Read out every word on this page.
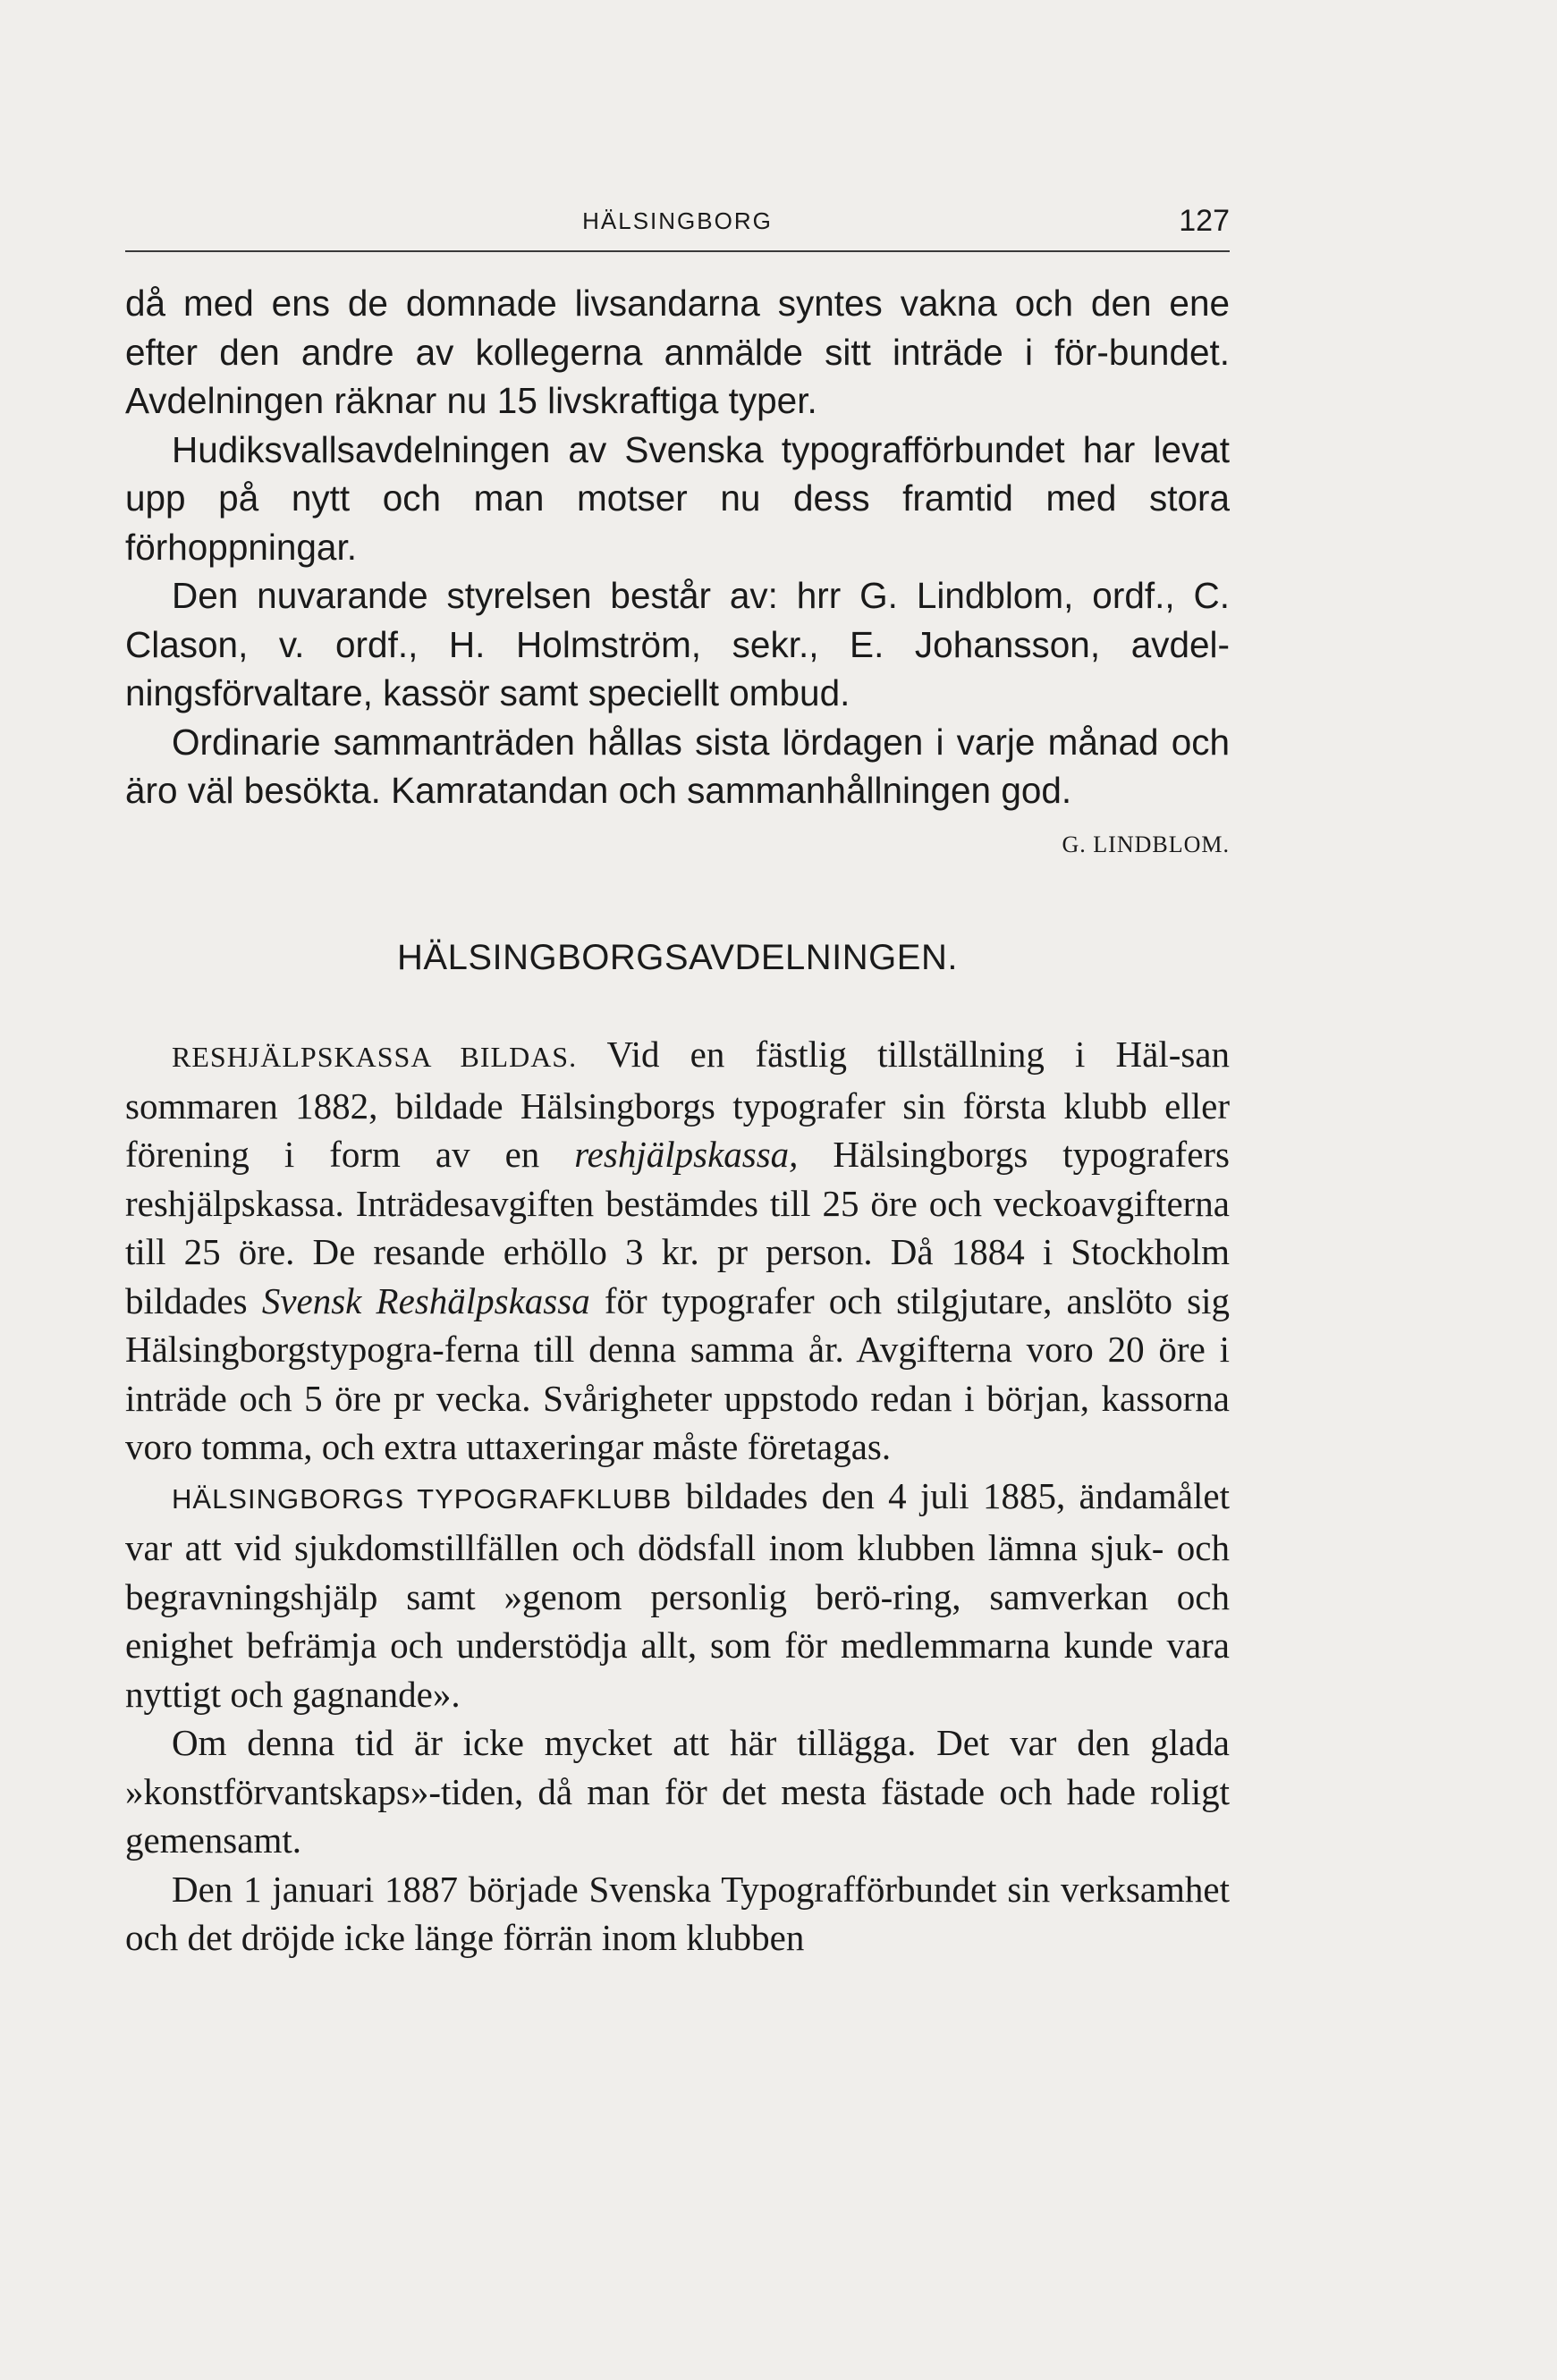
HÄLSINGBORG	127

då med ens de domnade livsandarna syntes vakna och den ene efter den andre av kollegerna anmälde sitt inträde i för-bundet. Avdelningen räknar nu 15 livskraftiga typer.

Hudiksvallsavdelningen av Svenska typografförbundet har levat upp på nytt och man motser nu dess framtid med stora förhoppningar.

Den nuvarande styrelsen består av: hrr G. Lindblom, ordf., C. Clason, v. ordf., H. Holmström, sekr., E. Johansson, avdel-ningsförvaltare, kassör samt speciellt ombud.

Ordinarie sammanträden hållas sista lördagen i varje månad och äro väl besökta. Kamratandan och sammanhållningen god.

G. LINDBLOM.
HÄLSINGBORGSAVDELNINGEN.

RESHJÄLPSKASSA BILDAS. Vid en fästlig tillställning i Häl-san sommaren 1882, bildade Hälsingborgs typografer sin första klubb eller förening i form av en reshjälpskassa, Hälsingborgs typografers reshjälpskassa. Inträdesavgiften bestämdes till 25 öre och veckoavgifterna till 25 öre. De resande erhöllo 3 kr. pr person. Då 1884 i Stockholm bildades Svensk Reshälpskassa för typografer och stilgjutare, anslöto sig Hälsingborgstypogra-ferna till denna samma år. Avgifterna voro 20 öre i inträde och 5 öre pr vecka. Svårigheter uppstodo redan i början, kassorna voro tomma, och extra uttaxeringar måste företagas.

HÄLSINGBORGS TYPOGRAFKLUBB bildades den 4 juli 1885, ändamålet var att vid sjukdomstillfällen och dödsfall inom klubben lämna sjuk- och begravningshjälp samt »genom personlig berö-ring, samverkan och enighet befrämja och understödja allt, som för medlemmarna kunde vara nyttigt och gagnande».

Om denna tid är icke mycket att här tillägga. Det var den glada »konstförvantskaps»-tiden, då man för det mesta fästade och hade roligt gemensamt.

Den 1 januari 1887 började Svenska Typografförbundet sin verksamhet och det dröjde icke länge förrän inom klubben
